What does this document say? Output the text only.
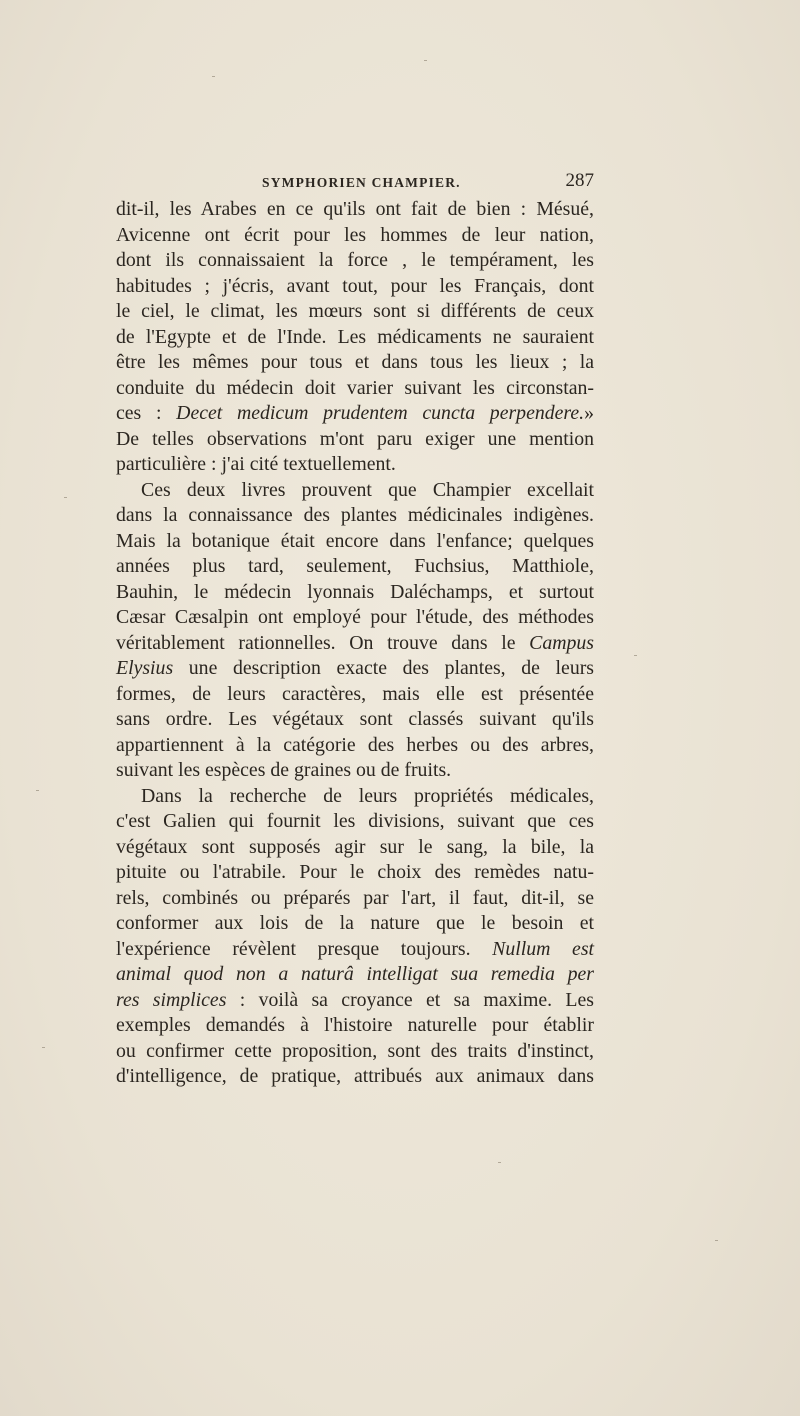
SYMPHORIEN CHAMPIER.	287
dit-il, les Arabes en ce qu'ils ont fait de bien : Mésué,
Avicenne ont écrit pour les hommes de leur nation,
dont ils connaissaient la force , le tempérament, les
habitudes ; j'écris, avant tout, pour les Français, dont
le ciel, le climat, les mœurs sont si différents de ceux
de l'Egypte et de l'Inde. Les médicaments ne sauraient
être les mêmes pour tous et dans tous les lieux ; la
conduite du médecin doit varier suivant les circonstan-
ces : Decet medicum prudentem cuncta perpendere.»
De telles observations m'ont paru exiger une mention
particulière : j'ai cité textuellement.
Ces deux livres prouvent que Champier excellait
dans la connaissance des plantes médicinales indigènes.
Mais la botanique était encore dans l'enfance; quelques
années plus tard, seulement, Fuchsius, Matthiole,
Bauhin, le médecin lyonnais Daléchamps, et surtout
Cæsar Cæsalpin ont employé pour l'étude, des méthodes
véritablement rationnelles. On trouve dans le Campus
Elysius une description exacte des plantes, de leurs
formes, de leurs caractères, mais elle est présentée
sans ordre. Les végétaux sont classés suivant qu'ils
appartiennent à la catégorie des herbes ou des arbres,
suivant les espèces de graines ou de fruits.
Dans la recherche de leurs propriétés médicales,
c'est Galien qui fournit les divisions, suivant que ces
végétaux sont supposés agir sur le sang, la bile, la
pituite ou l'atrabile. Pour le choix des remèdes natu-
rels, combinés ou préparés par l'art, il faut, dit-il, se
conformer aux lois de la nature que le besoin et
l'expérience révèlent presque toujours. Nullum est
animal quod non a naturâ intelligat sua remedia per
res simplices : voilà sa croyance et sa maxime. Les
exemples demandés à l'histoire naturelle pour établir
ou confirmer cette proposition, sont des traits d'instinct,
d'intelligence, de pratique, attribués aux animaux dans
